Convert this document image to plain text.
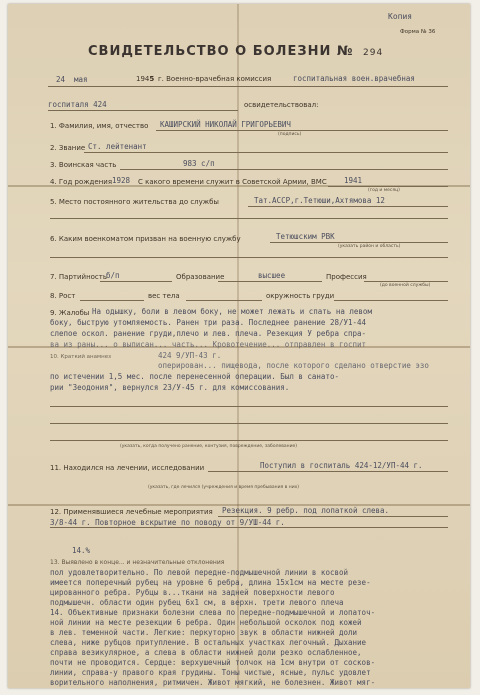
Копия
Форма № 36
СВИДЕТЕЛЬСТВО О БОЛЕЗНИ № 294
24 мая	1945 г. Военно-врачебная комиссия	госпитальная воен.врачебная
госпиталя 424	освидетельствовал:
1. Фамилия, имя, отчество КАШИРСКИЙ НИКОЛАЙ ГРИГОРЬЕВИЧ
(подпись)
2. Звание Ст. лейтенант
3. Воинская часть	983 с/п
4. Год рождения 1928 С какого времени служит в Советской Армии, ВМС 1941
(год и месяц)
5. Место постоянного жительства до службы	Тат.АССР,г.Тетюши,Ахтямова 12
6. Каким военкоматом призван на военную службу	Тетюшским РВК
(указать район и область)
7. Партийность б/п	Образование	высшее	Профессия
(до военной службы)
8. Рост	вес тела	окружность груди
9. Жалобы На одышку, боли в левом боку, не может лежать и спать на левом
боку, быструю утомляемость. Ранен три раза. Последнее ранение 28/У1-44
слепое оскол. ранение груди,плечо и лев. плеча. Резекция У ребра спра-
ва из раны... о выписан... часть... Кровотечение... отправлен в госпит
424 9/УП-43 г.
10. Краткий анамнез
оперирован... пищевода, после которого сделано отверстие эзо
по истечении 1,5 мес. после перенесенной операции. Был в санато-
рии "Зеодония", вернулся 23/У-45 г. для комиссования.
(указать, когда получено ранение, контузия, повреждение, заболевание)
11. Находился на лечении, исследовании	Поступил в госпиталь 424-12/УП-44 г.
(указать, где лечился (учреждения и время пребывания в них)
12. Применявшиеся лечебные мероприятия Резекция. 9 ребр. под лопаткой слева.
3/8-44 г. Повторное вскрытие по поводу от 9/УШ-44 г.
14.%
13. Выявлено в конце... и незначительные отклонения
пол удовлетворительно. По левой передне-подмышечной линии в косвой
имеется поперечный рубец на уровне 6 ребра, длина 15х1см на месте резе-
цированного ребра. Рубцы в...ткани на задней поверхности левого
подмышечн. области один рубец 6х1 см, в верхн. трети левого плеча
14. Объективные признаки болезни слева по передне-подмышечной и лопаточ-
ной линии на месте резекции 6 ребра. Один небольшой осколок под кожей
в лев. теменной части. Легкие: перкуторно звук в области нижней доли
слева, ниже рубцов притупление. В остальных участках легочный. Дыхание
справа везикулярное, а слева в области нижней доли резко ослабленное,
почти не проводится. Сердце: верхушечный толчок на 1см внутри от сосков-
линии, справа-у правого края грудины. Тоны чистые, ясные, пульс удовлет
ворительного наполнения, ритмичен. Живот мягкий, не болезнен. Живот мяг-
